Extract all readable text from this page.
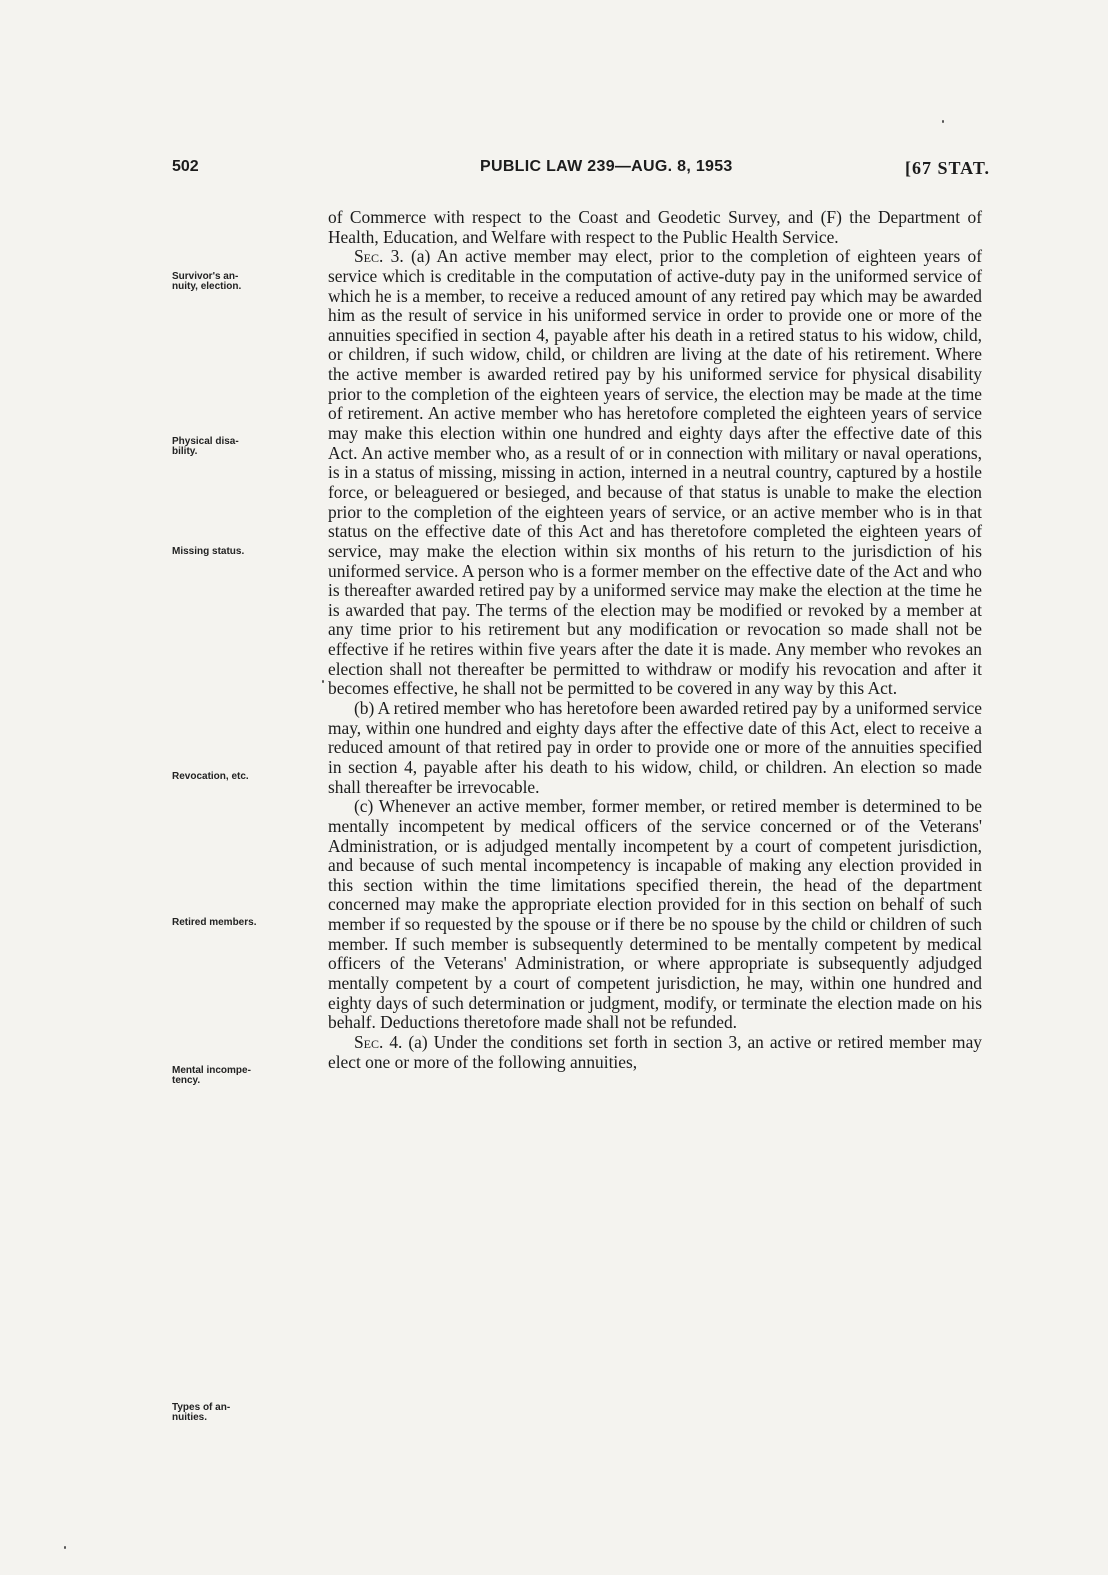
502	PUBLIC LAW 239—AUG. 8, 1953	[67 STAT.
Survivor's an-
nuity, election.
Physical disa-
bility.
Missing status.
Revocation, etc.
Retired members.
Mental incompe-
tency.
Types of an-
nuities.

of Commerce with respect to the Coast and Geodetic Survey, and (F) the Department of Health, Education, and Welfare with respect to the Public Health Service.

Sec. 3. (a) An active member may elect, prior to the completion of eighteen years of service which is creditable in the computation of active-duty pay in the uniformed service of which he is a member, to receive a reduced amount of any retired pay which may be awarded him as the result of service in his uniformed service in order to provide one or more of the annuities specified in section 4, payable after his death in a retired status to his widow, child, or children, if such widow, child, or children are living at the date of his retirement. Where the active member is awarded retired pay by his uniformed service for physical disability prior to the completion of the eighteen years of service, the election may be made at the time of retirement. An active member who has heretofore completed the eighteen years of service may make this election within one hundred and eighty days after the effective date of this Act. An active member who, as a result of or in connection with military or naval operations, is in a status of missing, missing in action, interned in a neutral country, captured by a hostile force, or beleaguered or besieged, and because of that status is unable to make the election prior to the completion of the eighteen years of service, or an active member who is in that status on the effective date of this Act and has theretofore completed the eighteen years of service, may make the election within six months of his return to the jurisdiction of his uniformed service. A person who is a former member on the effective date of the Act and who is thereafter awarded retired pay by a uniformed service may make the election at the time he is awarded that pay. The terms of the election may be modified or revoked by a member at any time prior to his retirement but any modification or revocation so made shall not be effective if he retires within five years after the date it is made. Any member who revokes an election shall not thereafter be permitted to withdraw or modify his revocation and after it becomes effective, he shall not be permitted to be covered in any way by this Act.

(b) A retired member who has heretofore been awarded retired pay by a uniformed service may, within one hundred and eighty days after the effective date of this Act, elect to receive a reduced amount of that retired pay in order to provide one or more of the annuities specified in section 4, payable after his death to his widow, child, or children. An election so made shall thereafter be irrevocable.

(c) Whenever an active member, former member, or retired member is determined to be mentally incompetent by medical officers of the service concerned or of the Veterans' Administration, or is adjudged mentally incompetent by a court of competent jurisdiction, and because of such mental incompetency is incapable of making any election provided in this section within the time limitations specified therein, the head of the department concerned may make the appropriate election provided for in this section on behalf of such member if so requested by the spouse or if there be no spouse by the child or children of such member. If such member is subsequently determined to be mentally competent by medical officers of the Veterans' Administration, or where appropriate is subsequently adjudged mentally competent by a court of competent jurisdiction, he may, within one hundred and eighty days of such determination or judgment, modify, or terminate the election made on his behalf. Deductions theretofore made shall not be refunded.

Sec. 4. (a) Under the conditions set forth in section 3, an active or retired member may elect one or more of the following annuities,
